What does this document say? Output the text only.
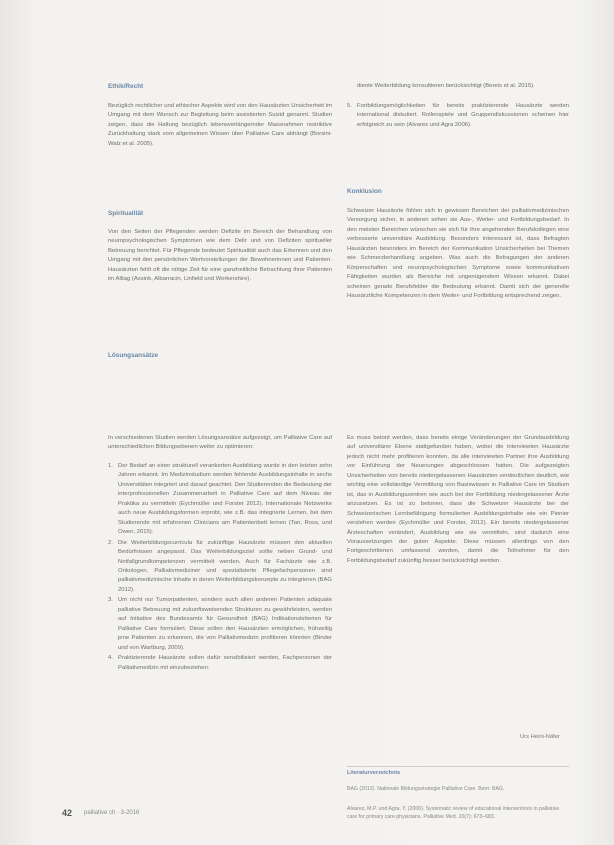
Ethik/Recht
Bezüglich rechtlicher und ethischer Aspekte wird von den Hausärzten Unsicherheit im Umgang mit dem Wunsch zur Begleitung beim assistierten Suizid genannt. Studien zeigen, dass die Haltung bezüglich lebensverlängernder Massnahmen restriktive Zurückhaltung stark vom allgemeinen Wissen über Palliative Care abhängt (Borsini-Walz et al. 2005).
Spiritualität
Von den Seiten der Pflegenden werden Defizite im Bereich der Behandlung von neuropsychologischen Symptomen wie dem Delir und von Defiziten spiritueller Betreuung berichtet. Für Pflegende bedeutet Spiritualität auch das Erkennen und den Umgang mit den persönlichen Wertvorstellungen der Bewohnerinnen und Patienten. Hausärzten fehlt oft die nötige Zeit für eine ganzheitliche Betrachtung ihrer Patienten im Alltag (Assink, Albarracin, Linfield und Workershire).
Lösungsansätze
In verschiedenen Studien werden Lösungsansätze aufgezeigt, um Palliative Care auf unterschiedlichen Bildungsebenen weiter zu optimieren:
1. Der Bedarf an einer strukturell verankerten Ausbildung wurde in den letzten zehn Jahren erkannt. Im Medizinstudium werden fehlende Ausbildungsinhalte in sechs Universitäten integriert und darauf geachtet. Den Studierenden die Bedeutung der interprofessionellen Zusammenarbeit in Palliative Care auf dem Niveau der Praktika zu vermitteln (Eychmüller und Forster 2012). Internationale Netzwerke auch neue Ausbildungsformen erprobt, wie z.B. das integrierte Lernen, bei dem Studierende mit erfahrenen Clinicians am Patientenbett lernen (Tan, Ross, und Owen, 2015).
2. Die Weiterbildungscurricula für zukünftige Hausärzte müssen den aktuellen Bedürfnissen angepasst. Das Weiterbildungsziel sollte neben Grund- und Notfallgrundkompetenzen vermittelt werden. Auch für Fachärzte wie z.B. Onkologen, Palliativmediziner und spezialisierte Pflegefachpersonen sind palliativmedizinische Inhalte in deren Weiterbildungskonzepte zu integrieren (BAG 2012).
3. Um nicht nur Tumorpatienten, sondern auch allen anderen Patienten adäquate palliative Betreuung mit zukunftsweisenden Strukturen zu gewährleisten, werden auf Initiative des Bundesamts für Gesundheit (BAG) Indikationskriterien für Palliative Care formuliert. Diese sollen den Hausärzten ermöglichen, frühzeitig jene Patienten zu erkennen, die von Palliativmedizin profitieren könnten (Binder und von Wartburg, 2009).
4. Praktizierende Hausärzte sollen dafür sensibilisiert werden, Fachpersonen der Palliativmedizin mit einzubeziehen.
diente Weiterbildung konsultieren berücksichtigt (Bereis et al. 2015).
5. Fortbildungsmöglichkeiten für bereits praktizierende Hausärzte werden international diskutiert. Rollenspiele und Gruppendiskussionen scheinen hier erfolgreich zu sein (Alvarez und Agra 2006).
Konklusion
Schweizer Hausärzte fühlen sich in gewissen Bereichen der palliativmedizinischen Versorgung sicher, in anderen sehen sie Aus-, Weiter- und Fortbildungsbedarf. In den meisten Bereichen wünschen sie sich für ihre angehenden Berufskollegen eine verbesserte universitäre Ausbildung. Besonders interessant ist, dass Befragten Hausärzten besonders im Bereich der Kommunikation Unsicherheiten bei Themen wie Schmerzbehandlung angeben. Was auch die Befragungen der anderen Körperschaften und neuropsychologischen Symptome sowie kommunikativen Fähigkeiten wurden als Bereiche mit ungenügendem Wissen erkannt. Dabei scheinen gerade Berufsfelder die Bedeutung erkannt. Damit sich der generelle Hausärztliche Kompetenzen in dem Weiter- und Fortbildung entsprechend zeigen.
Es muss betont werden, dass bereits einige Veränderungen der Grundausbildung auf universitärer Ebene stattgefunden haben, wobei die interviewten Hausärzte jedoch nicht mehr profitieren konnten, da alle interviewten Partner ihre Ausbildung vor Einführung der Neuerungen abgeschlossen hatten. Die aufgezeigten Unsicherheiten von bereits niedergelassenen Hausärzten verdeutlichen deutlich, wie wichtig eine vollständige Vermittlung von Basiswissen in Palliative Care im Studium ist, das in Ausbildungszentren wie auch bei der Fortbildung niedergelassener Ärzte anzusetzen. Es ist zu betonen, dass die Schweizer Hausärzte bei der Schweizerischen Lernbefähigung formulierten Ausbildungsinhalte wie ein Pionier verstehen werden (Eychmüller und Forster, 2012). Ein bereits niedergelassener Ärzteschaften verändert, Ausbildung wie sie vermitteln, sind dadurch eine Voraussetzungen der guten Aspekte. Diese müssen allerdings von den Fortgeschrittenen umfassend werden, damit die Teilnehmer für den Fortbildungsbedarf zukünftig besser berücksichtigt werden.
Urs Heini-Näfer
Literaturverzeichnis
BAG (2012). Nationale Bildungsstrategie Palliative Care. Bern: BAG.
Alvarez, M.P. und Agra, Y. (2006). Systematic review of educational interventions in palliative care for primary care physicians. Palliative Med. 20(7): 673–683.
42 palliative ch · 3-2016
